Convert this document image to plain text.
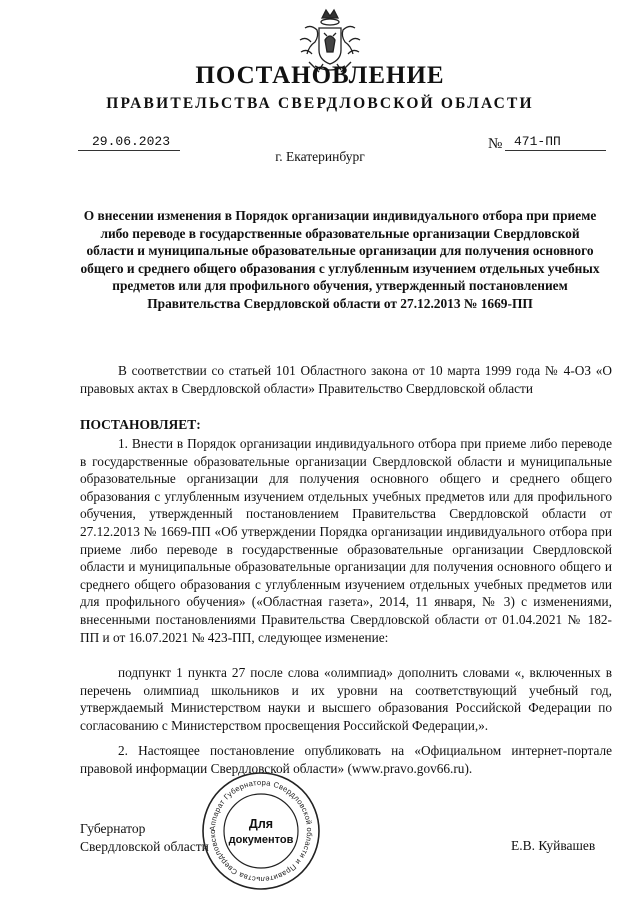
ПОСТАНОВЛЕНИЕ
ПРАВИТЕЛЬСТВА СВЕРДЛОВСКОЙ ОБЛАСТИ
29.06.2023	№ 471-ПП
г. Екатеринбург
О внесении изменения в Порядок организации индивидуального отбора при приеме либо переводе в государственные образовательные организации Свердловской области и муниципальные образовательные организации для получения основного общего и среднего общего образования с углубленным изучением отдельных учебных предметов или для профильного обучения, утвержденный постановлением Правительства Свердловской области от 27.12.2013 № 1669-ПП
В соответствии со статьей 101 Областного закона от 10 марта 1999 года № 4-ОЗ «О правовых актах в Свердловской области» Правительство Свердловской области
ПОСТАНОВЛЯЕТ:
1. Внести в Порядок организации индивидуального отбора при приеме либо переводе в государственные образовательные организации Свердловской области и муниципальные образовательные организации для получения основного общего и среднего общего образования с углубленным изучением отдельных учебных предметов или для профильного обучения, утвержденный постановлением Правительства Свердловской области от 27.12.2013 № 1669-ПП «Об утверждении Порядка организации индивидуального отбора при приеме либо переводе в государственные образовательные организации Свердловской области и муниципальные образовательные организации для получения основного общего и среднего общего образования с углубленным изучением отдельных учебных предметов или для профильного обучения» («Областная газета», 2014, 11 января, № 3) с изменениями, внесенными постановлениями Правительства Свердловской области от 01.04.2021 № 182-ПП и от 16.07.2021 № 423-ПП, следующее изменение:
подпункт 1 пункта 27 после слова «олимпиад» дополнить словами «, включенных в перечень олимпиад школьников и их уровни на соответствующий учебный год, утверждаемый Министерством науки и высшего образования Российской Федерации по согласованию с Министерством просвещения Российской Федерации,».
2. Настоящее постановление опубликовать на «Официальном интернет-портале правовой информации Свердловской области» (www.pravo.gov66.ru).
Губернатор
Свердловской области	Е.В. Куйвашев
Аппарат Губернатора Свердловской области и Правительства Свердловско
Для
документов
